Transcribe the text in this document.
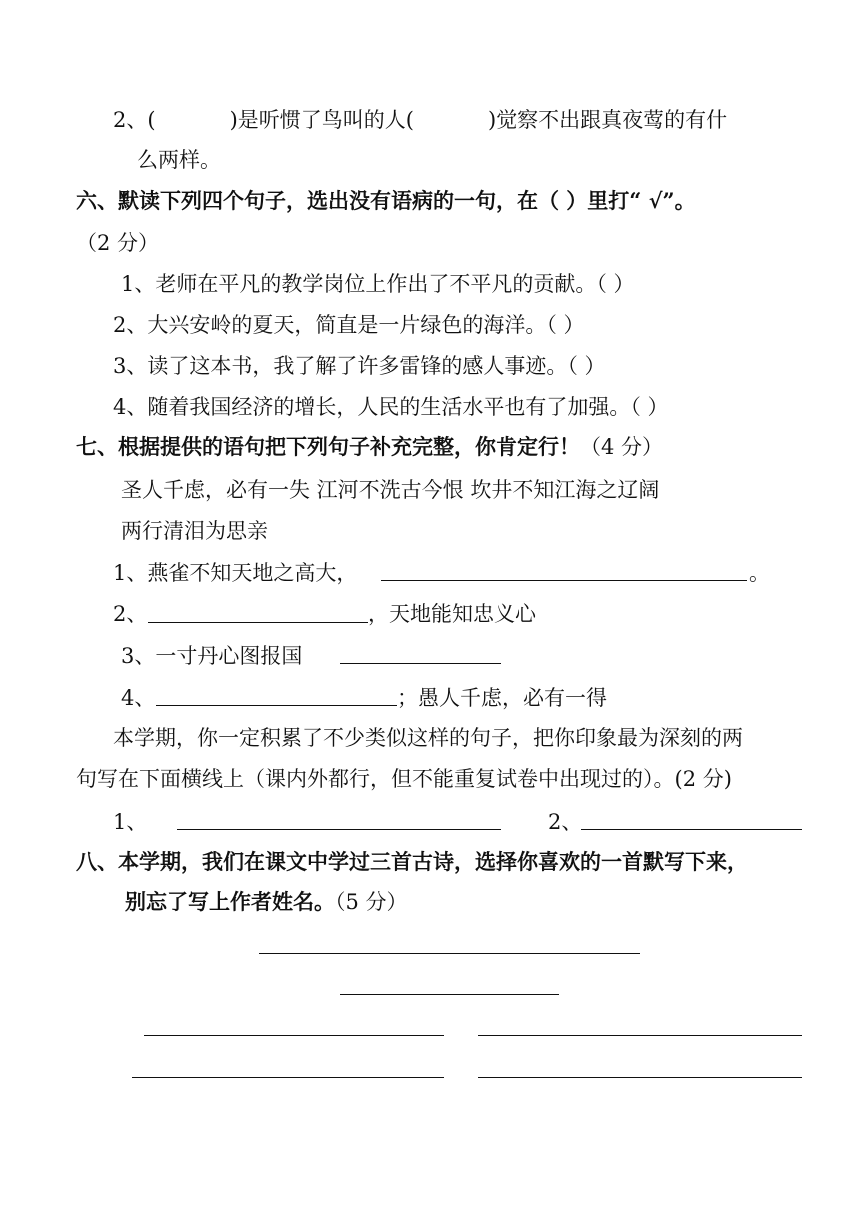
2、(	)是听惯了鸟叫的人(	)觉察不出跟真夜莺的有什
么两样。
六、默读下列四个句子，选出没有语病的一句，在（ ）里打“ √”。
（2 分）
1、老师在平凡的教学岗位上作出了不平凡的贡献。（ ）
2、大兴安岭的夏天，简直是一片绿色的海洋。（ ）
3、读了这本书，我了解了许多雷锋的感人事迹。（ ）
4、随着我国经济的增长，人民的生活水平也有了加强。（ ）
七、根据提供的语句把下列句子补充完整，你肯定行！（4 分）
圣人千虑，必有一失 江河不洗古今恨 坎井不知江海之辽阔
两行清泪为思亲
1、燕雀不知天地之高大，	。
2、	，天地能知忠义心
3、一寸丹心图报国
4、	；愚人千虑，必有一得
本学期，你一定积累了不少类似这样的句子，把你印象最为深刻的两
句写在下面横线上（课内外都行，但不能重复试卷中出现过的）。(2 分)
1、	2、
八、本学期，我们在课文中学过三首古诗，选择你喜欢的一首默写下来，
别忘了写上作者姓名。（5 分）
